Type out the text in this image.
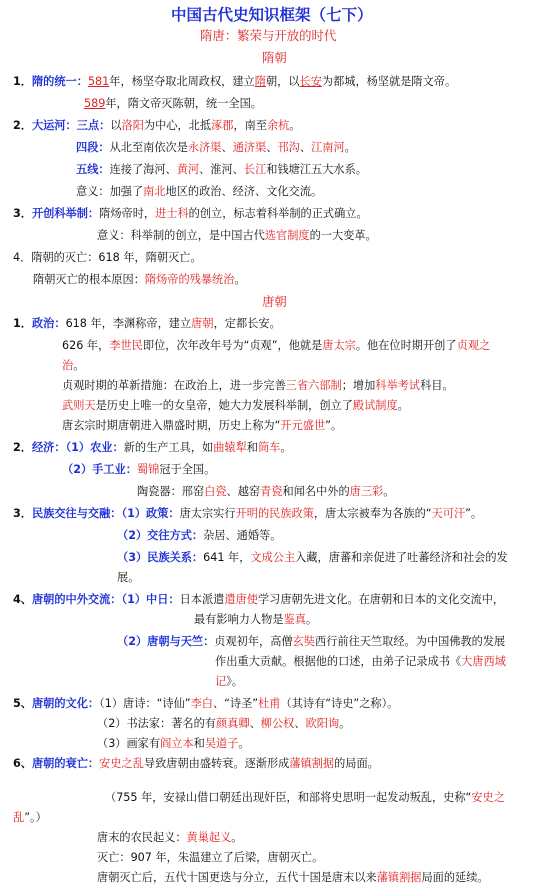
中国古代史知识框架（七下）
隋唐：繁荣与开放的时代
隋朝
1．隋的统一：581年，杨坚夺取北周政权，建立隋朝，以长安为都城，杨坚就是隋文帝。
589年，隋文帝灭陈朝，统一全国。
2．大运河：三点：以洛阳为中心，北抵涿郡，南至余杭。
四段：从北至南依次是永济渠、通济渠、邗沟、江南河。
五线：连接了海河、黄河、淮河、长江和钱塘江五大水系。
意义：加强了南北地区的政治、经济、文化交流。
3．开创科举制：隋炀帝时，进士科的创立，标志着科举制的正式确立。
意义：科举制的创立，是中国古代选官制度的一大变革。
4．隋朝的灭亡：618 年，隋朝灭亡。
隋朝灭亡的根本原因：隋炀帝的残暴统治。
唐朝
1．政治：618 年，李渊称帝，建立唐朝，定都长安。
626 年，李世民即位，次年改年号为“贞观”，他就是唐太宗。他在位时期开创了贞观之
治。
贞观时期的革新措施：在政治上，进一步完善三省六部制；增加科举考试科目。
武则天是历史上唯一的女皇帝，她大力发展科举制，创立了殿试制度。
唐玄宗时期唐朝进入鼎盛时期，历史上称为“开元盛世”。
2．经济：（1）农业：新的生产工具，如曲辕犁和筒车。
（2）手工业：蜀锦冠于全国。
陶瓷器：邢窑白瓷、越窑青瓷和闻名中外的唐三彩。
3．民族交往与交融：（1）政策：唐太宗实行开明的民族政策，唐太宗被奉为各族的“天可汗”。
（2）交往方式：杂居、通婚等。
（3）民族关系：641 年，文成公主入藏，唐蕃和亲促进了吐蕃经济和社会的发
展。
4、唐朝的中外交流：（1）中日：日本派遣遣唐使学习唐朝先进文化。在唐朝和日本的文化交流中，
最有影响力人物是鉴真。
（2）唐朝与天竺：贞观初年，高僧玄奘西行前往天竺取经。为中国佛教的发展
作出重大贡献。根据他的口述，由弟子记录成书《大唐西域
记》。
5、唐朝的文化：（1）唐诗：“诗仙”李白、“诗圣”杜甫（其诗有“诗史”之称）。
（2）书法家：著名的有颜真卿、柳公权、欧阳询。
（3）画家有阎立本和吴道子。
6、唐朝的衰亡：安史之乱导致唐朝由盛转衰。逐渐形成藩镇割据的局面。
（755 年，安禄山借口朝廷出现奸臣，和部将史思明一起发动叛乱，史称“安史之
乱”。）
唐末的农民起义：黄巢起义。
灭亡：907 年，朱温建立了后梁，唐朝灭亡。
唐朝灭亡后，五代十国更迭与分立，五代十国是唐末以来藩镇割据局面的延续。
